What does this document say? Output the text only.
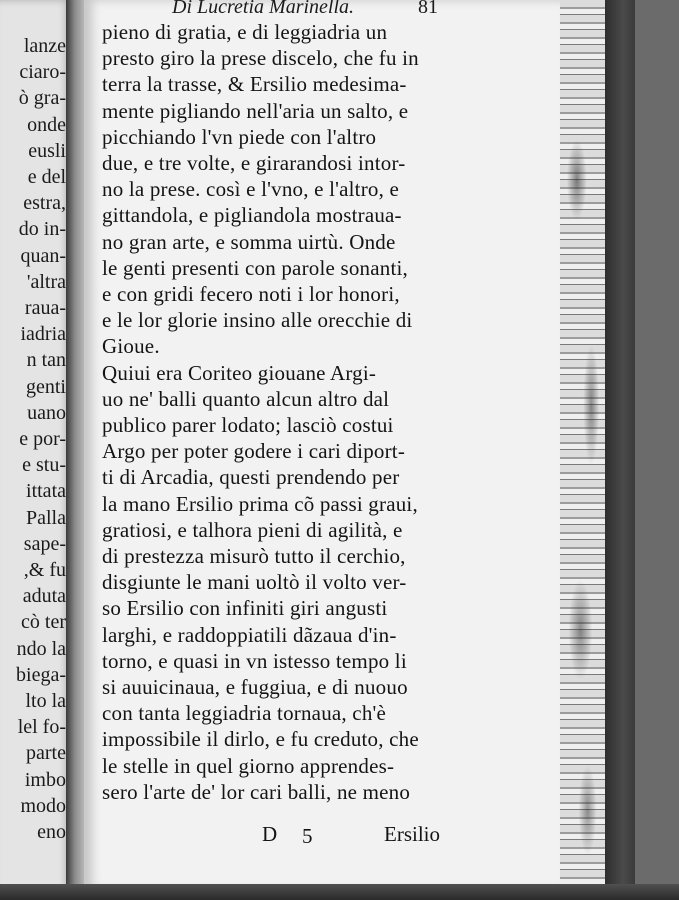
lanze
ciaro-
ò gra-
onde
eusli
e del
estra,
do in-
quan-
'altra
raua-
iadria
n tan
genti
uano
e por-
e stu-
ittata
Palla
sape-
,& fu
aduta
cò ter
ndo la
biega-
lto la
lel fo-
parte
imbo
modo
eno
Di Lucretia Marinella.	81
pieno di gratia, e di leggiadria un
presto giro la prese discelo, che fu in
terra la trasse, & Ersilio medesima-
mente pigliando nell'aria un salto, e
picchiando l'vn piede con l'altro
due, e tre volte, e girarandosi intor-
no la prese. così e l'vno, e l'altro, e
gittandola, e pigliandola mostraua-
no gran arte, e somma uirtù. Onde
le genti presenti con parole sonanti,
e con gridi fecero noti i lor honori,
e le lor glorie insino alle orecchie di
Gioue.
Quiui era Coriteo giouane Argi-
uo ne' balli quanto alcun altro dal
publico parer lodato; lasciò costui
Argo per poter godere i cari diport-
ti di Arcadia, questi prendendo per
la mano Ersilio prima cõ passi graui,
gratiosi, e talhora pieni di agilità, e
di prestezza misurò tutto il cerchio,
disgiunte le mani uoltò il volto ver-
so Ersilio con infiniti giri angusti
larghi, e raddoppiatili dãzaua d'in-
torno, e quasi in vn istesso tempo li
si auuicinaua, e fuggiua, e di nuouo
con tanta leggiadria tornaua, ch'è
impossibile il dirlo, e fu creduto, che
le stelle in quel giorno apprendes-
sero l'arte de' lor cari balli, ne meno
D 5	Ersilio
